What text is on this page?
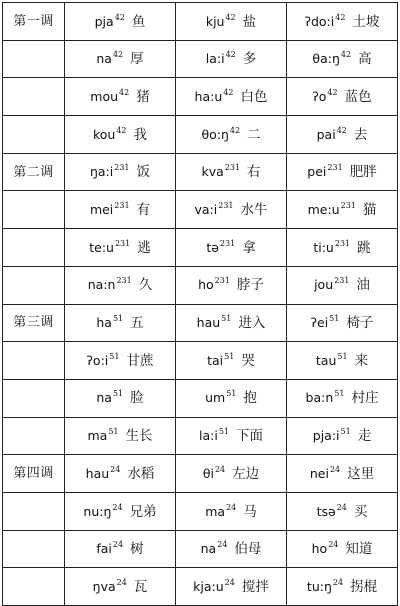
第一调	pja$^{42}$ 鱼	kju$^{42}$ 盐	$ʔdo:i^{42}$ 土坡
	$na^{42}$ 厚	$la:i^{42}$ 多	$\theta a:ŋ^{42}$ 高
	mou$^{42}$ 猪	$ha:u^{42}$ 白色	ʔo$^{42}$ 蓝色
	kou$^{42}$ 我	$\theta o:ŋ^{42}$ 二	pai$^{42}$ 去
第二调	$ŋa:i^{231}$ 饭	kva$^{231}$ 右	pei$^{231}$ 肥胖
	mei$^{231}$ 有	$va:i^{231}$ 水牛	$me:u^{231}$ 猫
	$te:u^{231}$ 逃	tə$^{231}$ 拿	$ti:u^{231}$ 跳
	$na:n^{231}$ 久	$ho^{231}$ 脖子	jou$^{231}$ 油
第三调	$ha^{51}$ 五	hau$^{51}$ 进入	ʔei$^{51}$ 椅子
	$ʔo:i^{51}$ 甘蔗	tai$^{51}$ 哭	tau$^{51}$ 来
	$na^{51}$ 脸	$um^{51}$ 抱	$ba:n^{51}$ 村庄
	$ma^{51}$ 生长	$la:i^{51}$ 下面	$pja:i^{51}$ 走
第四调	hau$^{24}$ 水稻	$\theta i^{24}$ 左边	nei$^{24}$ 这里
	$nu:ŋ^{24}$ 兄弟	$ma^{24}$ 马	tsə$^{24}$ 买
	fai$^{24}$ 树	$na^{24}$ 伯母	$ho^{24}$ 知道
	ŋva$^{24}$ 瓦	$kja:u^{24}$ 搅拌	$tu:ŋ^{24}$ 拐棍
